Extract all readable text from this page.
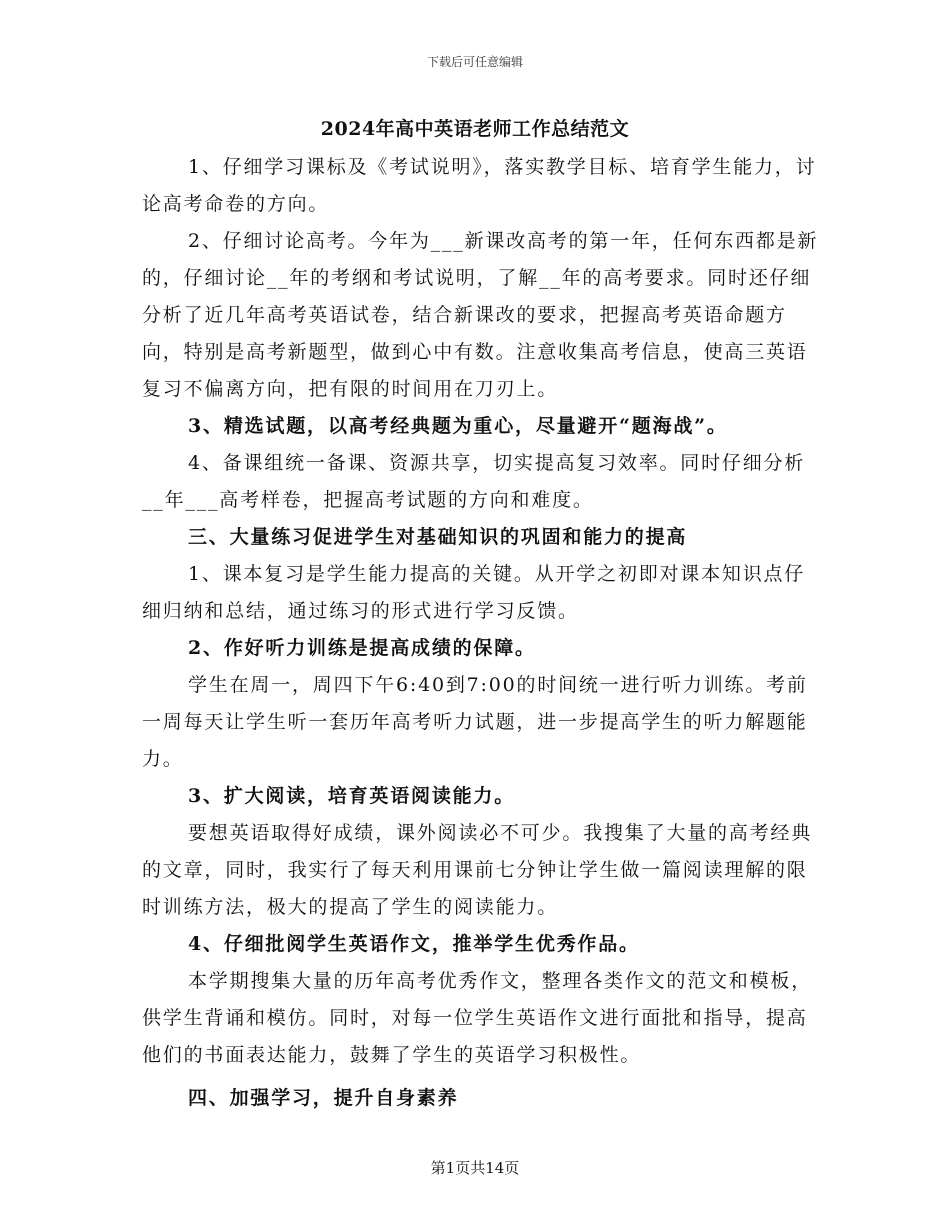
下载后可任意编辑
2024年高中英语老师工作总结范文

1、仔细学习课标及《考试说明》，落实教学目标、培育学生能力，讨论高考命卷的方向。

2、仔细讨论高考。今年为___新课改高考的第一年，任何东西都是新的，仔细讨论__年的考纲和考试说明，了解__年的高考要求。同时还仔细分析了近几年高考英语试卷，结合新课改的要求，把握高考英语命题方向，特别是高考新题型，做到心中有数。注意收集高考信息，使高三英语复习不偏离方向，把有限的时间用在刀刃上。

3、精选试题，以高考经典题为重心，尽量避开“题海战”。

4、备课组统一备课、资源共享，切实提高复习效率。同时仔细分析__年___高考样卷，把握高考试题的方向和难度。

三、大量练习促进学生对基础知识的巩固和能力的提高

1、课本复习是学生能力提高的关键。从开学之初即对课本知识点仔细归纳和总结，通过练习的形式进行学习反馈。

2、作好听力训练是提高成绩的保障。

学生在周一，周四下午6:40到7:00的时间统一进行听力训练。考前一周每天让学生听一套历年高考听力试题，进一步提高学生的听力解题能力。

3、扩大阅读，培育英语阅读能力。

要想英语取得好成绩，课外阅读必不可少。我搜集了大量的高考经典的文章，同时，我实行了每天利用课前七分钟让学生做一篇阅读理解的限时训练方法，极大的提高了学生的阅读能力。

4、仔细批阅学生英语作文，推举学生优秀作品。

本学期搜集大量的历年高考优秀作文，整理各类作文的范文和模板，供学生背诵和模仿。同时，对每一位学生英语作文进行面批和指导，提高他们的书面表达能力，鼓舞了学生的英语学习积极性。

四、加强学习，提升自身素养

第1页共14页
